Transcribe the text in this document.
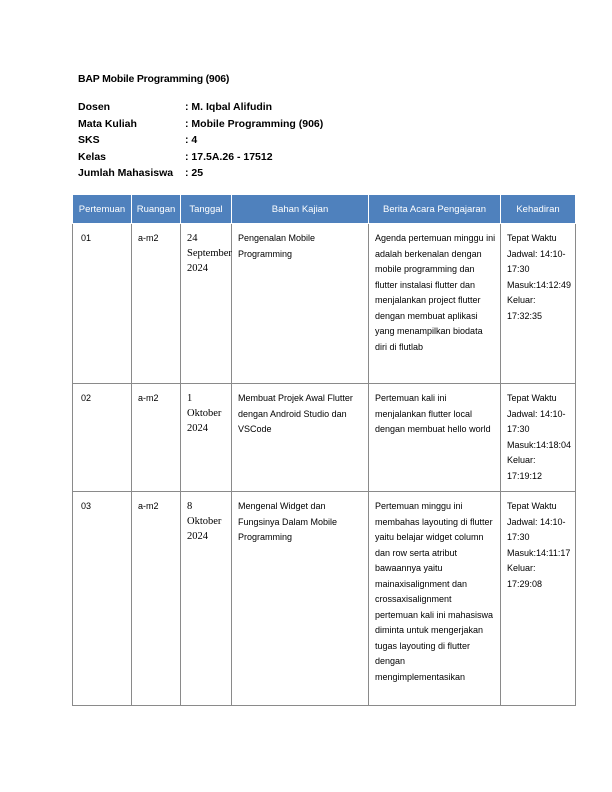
BAP Mobile Programming (906)
Dosen	: M. Iqbal Alifudin
Mata Kuliah	: Mobile Programming (906)
SKS	: 4
Kelas	: 17.5A.26 - 17512
Jumlah Mahasiswa	: 25
Pertemuan	Ruangan	Tanggal	Bahan Kajian	Berita Acara Pengajaran	Kehadiran

01	a-m2	24 September 2024	Pengenalan Mobile Programming	Agenda pertemuan minggu ini adalah berkenalan dengan mobile programming dan flutter instalasi flutter dan menjalankan project flutter dengan membuat aplikasi yang menampilkan biodata diri di flutlab	Tepat Waktu Jadwal: 14:10-17:30 Masuk:14:12:49 Keluar: 17:32:35

02	a-m2	1 Oktober 2024	Membuat Projek Awal Flutter dengan Android Studio dan VSCode	Pertemuan kali ini menjalankan flutter local dengan membuat hello world	Tepat Waktu Jadwal: 14:10-17:30 Masuk:14:18:04 Keluar: 17:19:12

03	a-m2	8 Oktober 2024	Mengenal Widget dan Fungsinya Dalam Mobile Programming	Pertemuan minggu ini membahas layouting di flutter yaitu belajar widget column dan row serta atribut bawaannya yaitu mainaxisalignment dan crossaxisalignment pertemuan kali ini mahasiswa diminta untuk mengerjakan tugas layouting di flutter dengan mengimplementasikan	Tepat Waktu Jadwal: 14:10-17:30 Masuk:14:11:17 Keluar: 17:29:08
